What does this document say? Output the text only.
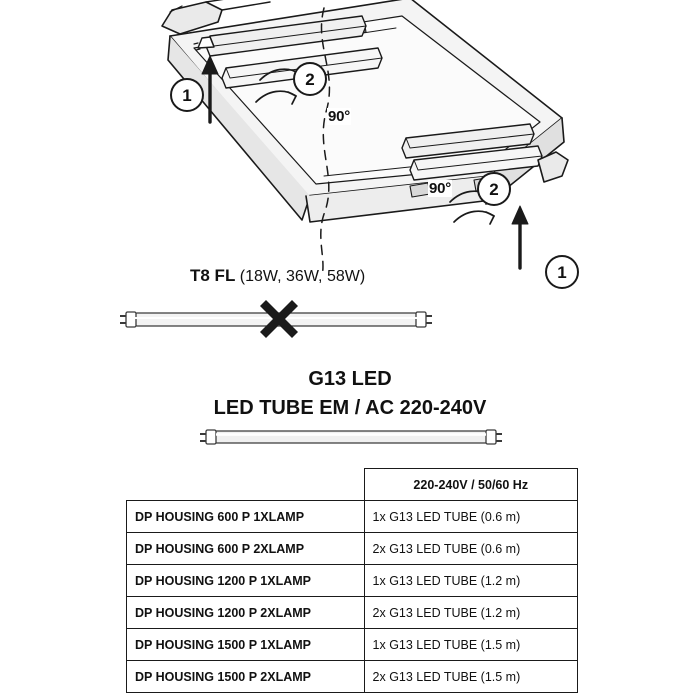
1
2
2
1
90°
90°
T8 FL (18W, 36W, 58W)
G13 LED
LED TUBE EM / AC 220-240V
	220-240V / 50/60 Hz
DP HOUSING 600 P 1XLAMP	1x G13 LED TUBE (0.6 m)
DP HOUSING 600 P 2XLAMP	2x G13 LED TUBE (0.6 m)
DP HOUSING 1200 P 1XLAMP	1x G13 LED TUBE (1.2 m)
DP HOUSING 1200 P 2XLAMP	2x G13 LED TUBE (1.2 m)
DP HOUSING 1500 P 1XLAMP	1x G13 LED TUBE (1.5 m)
DP HOUSING 1500 P 2XLAMP	2x G13 LED TUBE (1.5 m)
